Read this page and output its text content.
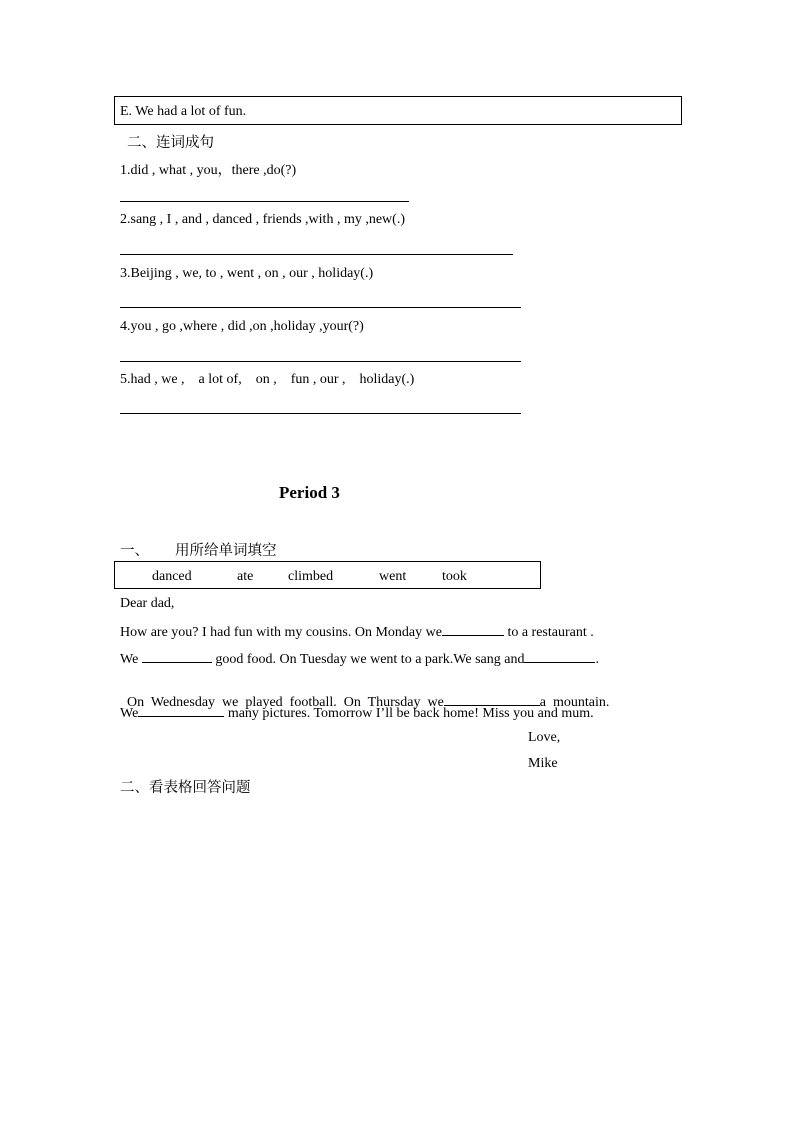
E. We had a lot of fun.
二、连词成句
1.did , what , you，there ,do(?)
2.sang , I , and , danced , friends ,with , my ,new(.)
3.Beijing , we, to , went , on , our , holiday(.)
4.you , go ,where , did ,on ,holiday ,your(?)
5.had , we ,    a lot of,    on ,    fun , our ,    holiday(.)
Period 3
一、 用所给单词填空
danced	ate climbed	went	took
Dear dad,
How are you? I had fun with my cousins. On Monday we	to a restaurant .
We	good food. On Tuesday we went to a park.We sang and	.

On  Wednesday  we  played  football.  On  Thursday  we	a  mountain.

We	many pictures. Tomorrow I’ll be back home! Miss you and mum.
Love,
Mike
二、看表格回答问题
